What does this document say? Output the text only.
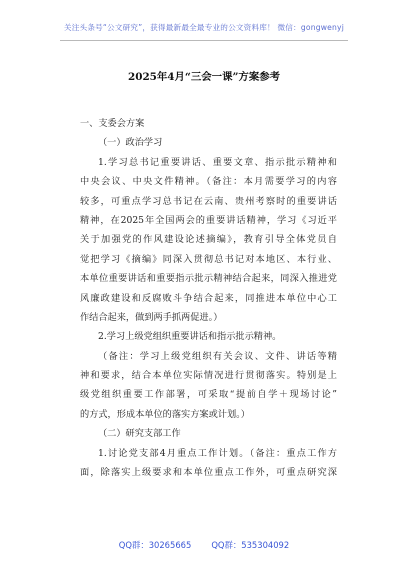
关注头条号“公文研究”，获得最新最全最专业的公文资料库！ 微信：gongwenyj
2025年4月“三会一课”方案参考
一、支委会方案
（一）政治学习
1.学习总书记重要讲话、重要文章、指示批示精神和
中央会议、中央文件精神。（备注：本月需要学习的内容
较多，可重点学习总书记在云南、贵州考察时的重要讲话
精神，在2025年全国两会的重要讲话精神，学习《习近平
关于加强党的作风建设论述摘编》，教育引导全体党员自
觉把学习《摘编》同深入贯彻总书记对本地区、本行业、
本单位重要讲话和重要指示批示精神结合起来，同深入推进党
风廉政建设和反腐败斗争结合起来，同推进本单位中心工
作结合起来，做到两手抓两促进。）
2.学习上级党组织重要讲话和指示批示精神。
（备注：学习上级党组织有关会议、文件、讲话等精
神和要求，结合本单位实际情况进行贯彻落实。特别是上
级党组织重要工作部署，可采取“提前自学＋现场讨论”
的方式，形成本单位的落实方案或计划。）
（二）研究支部工作
1.讨论党支部4月重点工作计划。（备注：重点工作方
面，除落实上级要求和本单位重点工作外，可重点研究深
QQ群：30265665 QQ群：535304092
